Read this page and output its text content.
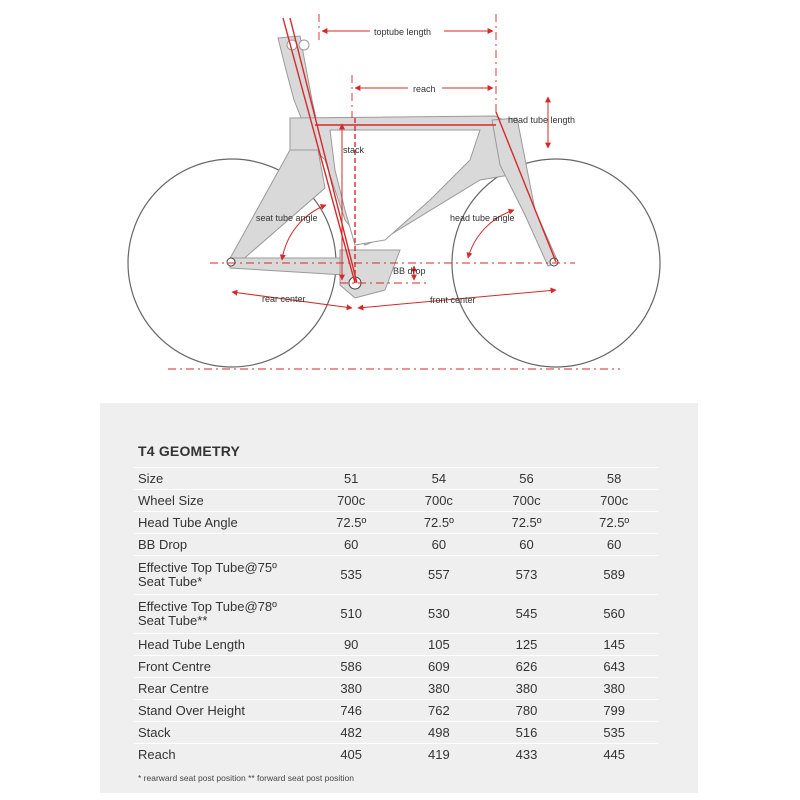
toptube length
reach
head tube length
stack
seat tube angle	head tube angle
BB drop
rear center	front center
T4 GEOMETRY
Size	51	54	56	58
Wheel Size	700c	700c	700c	700c
Head Tube Angle	72.5º	72.5º	72.5º	72.5º
BB Drop	60	60	60	60
Effective Top Tube@75º
Seat Tube*	535	557	573	589
Effective Top Tube@78º
Seat Tube**	510	530	545	560
Head Tube Length	90	105	125	145
Front Centre	586	609	626	643
Rear Centre	380	380	380	380
Stand Over Height	746	762	780	799
Stack	482	498	516	535
Reach	405	419	433	445

* rearward seat post position ** forward seat post position
